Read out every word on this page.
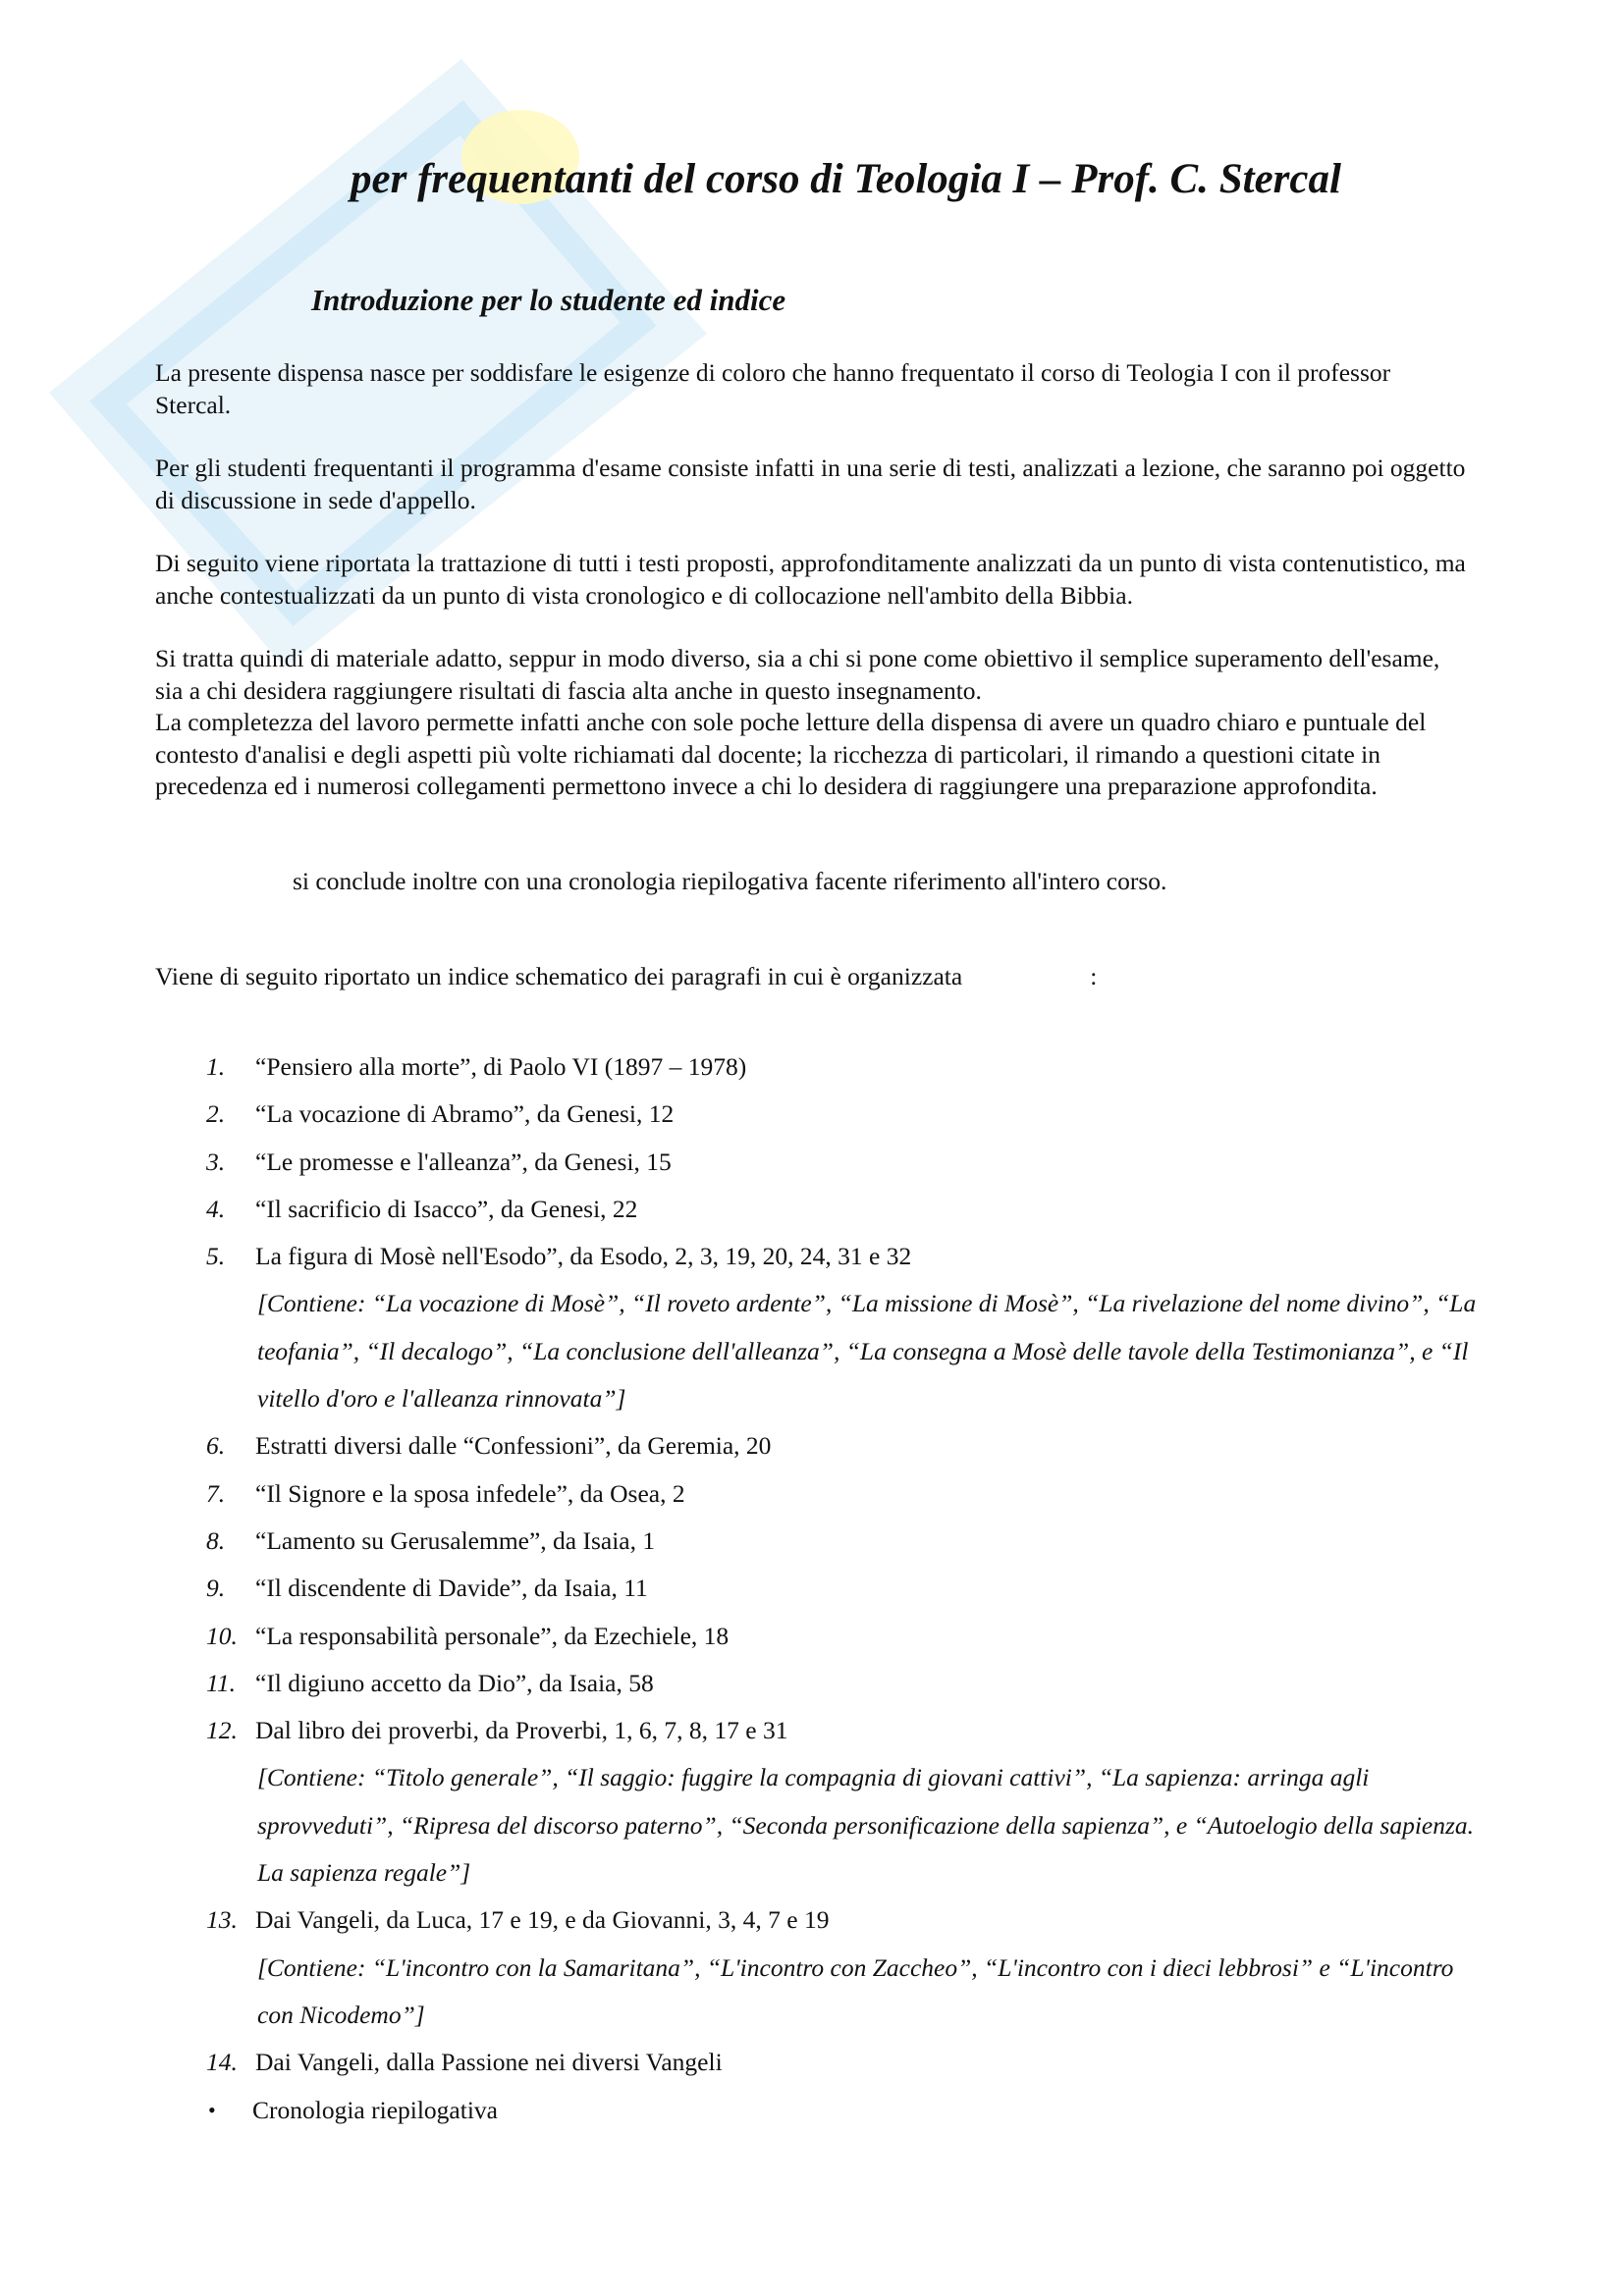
per frequentanti del corso di Teologia I – Prof. C. Stercal
Introduzione per lo studente ed indice

La presente dispensa nasce per soddisfare le esigenze di coloro che hanno frequentato il corso di Teologia I con il professor Stercal.

Per gli studenti frequentanti il programma d'esame consiste infatti in una serie di testi, analizzati a lezione, che saranno poi oggetto di discussione in sede d'appello.

Di seguito viene riportata la trattazione di tutti i testi proposti, approfonditamente analizzati da un punto di vista contenutistico, ma anche contestualizzati da un punto di vista cronologico e di collocazione nell'ambito della Bibbia.

Si tratta quindi di materiale adatto, seppur in modo diverso, sia a chi si pone come obiettivo il semplice superamento dell'esame, sia a chi desidera raggiungere risultati di fascia alta anche in questo insegnamento.

La completezza del lavoro permette infatti anche con sole poche letture della dispensa di avere un quadro chiaro e puntuale del contesto d'analisi e degli aspetti più volte richiamati dal docente; la ricchezza di particolari, il rimando a questioni citate in precedenza ed i numerosi collegamenti permettono invece a chi lo desidera di raggiungere una preparazione approfondita.

si conclude inoltre con una cronologia riepilogativa facente riferimento all'intero corso.

Viene di seguito riportato un indice schematico dei paragrafi in cui è organizzata	:

1. “Pensiero alla morte”, di Paolo VI (1897 – 1978)
2. “La vocazione di Abramo”, da Genesi, 12
3. “Le promesse e l'alleanza”, da Genesi, 15
4. “Il sacrificio di Isacco”, da Genesi, 22
5. La figura di Mosè nell'Esodo”, da Esodo, 2, 3, 19, 20, 24, 31 e 32
[Contiene: “La vocazione di Mosè”, “Il roveto ardente”, “La missione di Mosè”, “La rivelazione del nome divino”, “La teofania”, “Il decalogo”, “La conclusione dell'alleanza”, “La consegna a Mosè delle tavole della Testimonianza”, e “Il vitello d'oro e l'alleanza rinnovata”]
6. Estratti diversi dalle “Confessioni”, da Geremia, 20
7. “Il Signore e la sposa infedele”, da Osea, 2
8. “Lamento su Gerusalemme”, da Isaia, 1
9. “Il discendente di Davide”, da Isaia, 11
10. “La responsabilità personale”, da Ezechiele, 18
11. “Il digiuno accetto da Dio”, da Isaia, 58
12. Dal libro dei proverbi, da Proverbi, 1, 6, 7, 8, 17 e 31
[Contiene: “Titolo generale”, “Il saggio: fuggire la compagnia di giovani cattivi”, “La sapienza: arringa agli sprovveduti”, “Ripresa del discorso paterno”, “Seconda personificazione della sapienza”, e “Autoelogio della sapienza. La sapienza regale”]
13. Dai Vangeli, da Luca, 17 e 19, e da Giovanni, 3, 4, 7 e 19
[Contiene: “L'incontro con la Samaritana”, “L'incontro con Zaccheo”, “L'incontro con i dieci lebbrosi” e “L'incontro con Nicodemo”]
14. Dai Vangeli, dalla Passione nei diversi Vangeli
• Cronologia riepilogativa
